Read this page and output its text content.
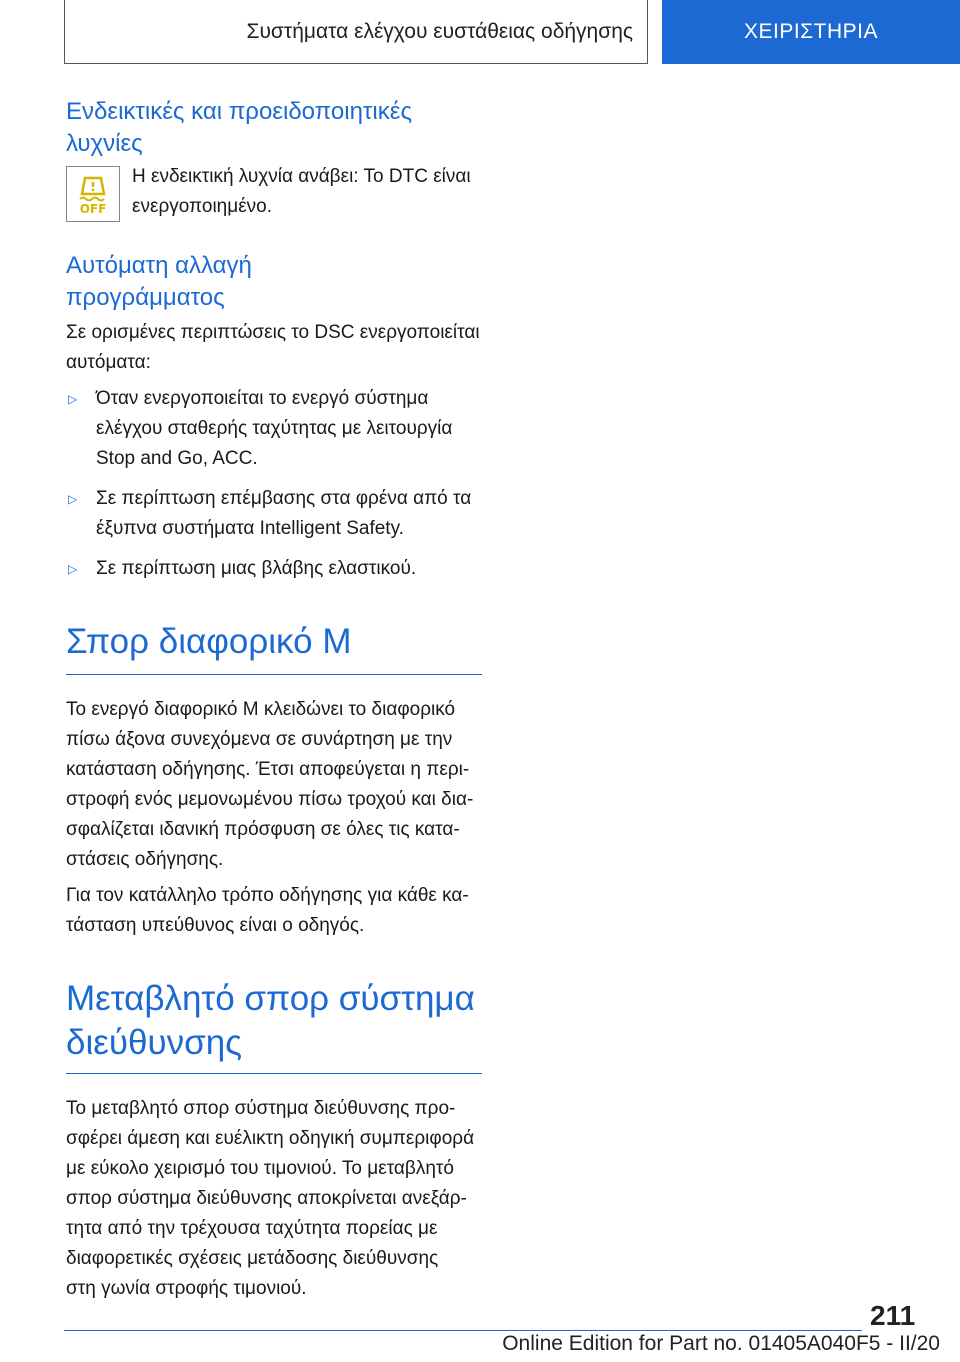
Συστήματα ελέγχου ευστάθειας οδήγησης	ΧΕΙΡΙΣΤΗΡΙΑ
Ενδεικτικές και προειδοποιητικές
λυχνίες
OFF
Η ενδεικτική λυχνία ανάβει: Το DTC είναι
ενεργοποιημένο.
Αυτόματη αλλαγή
προγράμματος

Σε ορισμένες περιπτώσεις το DSC ενεργοποιείται
αυτόματα:

▷ Όταν ενεργοποιείται το ενεργό σύστημα
ελέγχου σταθερής ταχύτητας με λειτουργία
Stop and Go, ACC.
▷ Σε περίπτωση επέμβασης στα φρένα από τα
έξυπνα συστήματα Intelligent Safety.
▷ Σε περίπτωση μιας βλάβης ελαστικού.
Σπορ διαφορικό M

Το ενεργό διαφορικό M κλειδώνει το διαφορικό
πίσω άξονα συνεχόμενα σε συνάρτηση με την
κατάσταση οδήγησης. Έτσι αποφεύγεται η περι-
στροφή ενός μεμονωμένου πίσω τροχού και δια-
σφαλίζεται ιδανική πρόσφυση σε όλες τις κατα-
στάσεις οδήγησης.

Για τον κατάλληλο τρόπο οδήγησης για κάθε κα-
τάσταση υπεύθυνος είναι ο οδηγός.

Μεταβλητό σπορ σύστημα
διεύθυνσης

Το μεταβλητό σπορ σύστημα διεύθυνσης προ-
σφέρει άμεση και ευέλικτη οδηγική συμπεριφορά
με εύκολο χειρισμό του τιμονιού. Το μεταβλητό
σπορ σύστημα διεύθυνσης αποκρίνεται ανεξάρ-
τητα από την τρέχουσα ταχύτητα πορείας με
διαφορετικές σχέσεις μετάδοσης διεύθυνσης
στη γωνία στροφής τιμονιού.

211
Online Edition for Part no. 01405A040F5 - II/20
